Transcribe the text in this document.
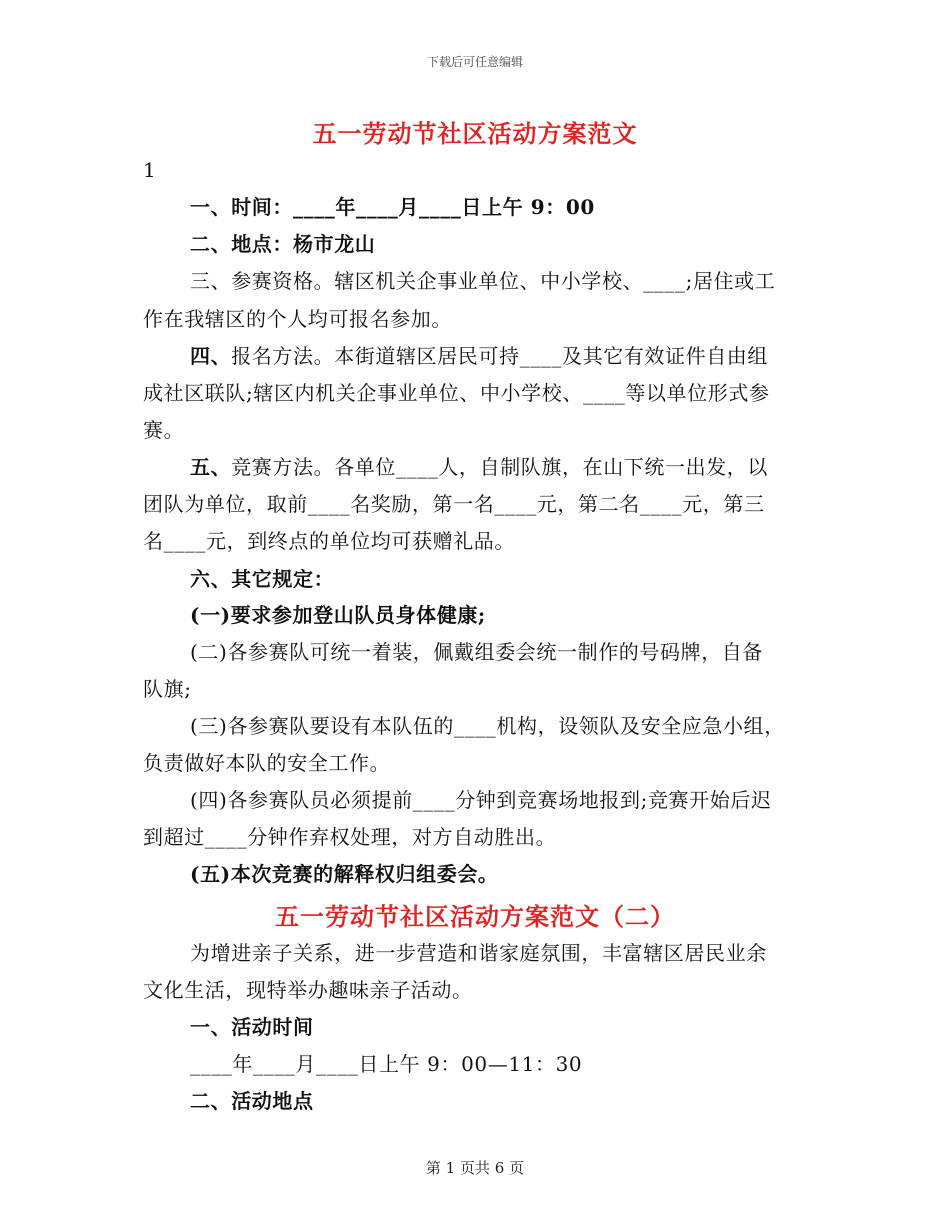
下载后可任意编辑
五一劳动节社区活动方案范文
1
一、时间：____年____月____日上午 9：00
二、地点：杨市龙山
三、参赛资格。辖区机关企事业单位、中小学校、____;居住或工
作在我辖区的个人均可报名参加。
四、报名方法。本街道辖区居民可持____及其它有效证件自由组
成社区联队;辖区内机关企事业单位、中小学校、____等以单位形式参
赛。
五、竞赛方法。各单位____人，自制队旗，在山下统一出发，以
团队为单位，取前____名奖励，第一名____元，第二名____元，第三
名____元，到终点的单位均可获赠礼品。
六、其它规定：
(一)要求参加登山队员身体健康;
(二)各参赛队可统一着装，佩戴组委会统一制作的号码牌，自备
队旗;
(三)各参赛队要设有本队伍的____机构，设领队及安全应急小组，
负责做好本队的安全工作。
(四)各参赛队员必须提前____分钟到竞赛场地报到;竞赛开始后迟
到超过____分钟作弃权处理，对方自动胜出。
(五)本次竞赛的解释权归组委会。
五一劳动节社区活动方案范文（二）
为增进亲子关系，进一步营造和谐家庭氛围，丰富辖区居民业余
文化生活，现特举办趣味亲子活动。
一、活动时间
____年____月____日上午 9：00—11：30
二、活动地点
第 1 页共 6 页
